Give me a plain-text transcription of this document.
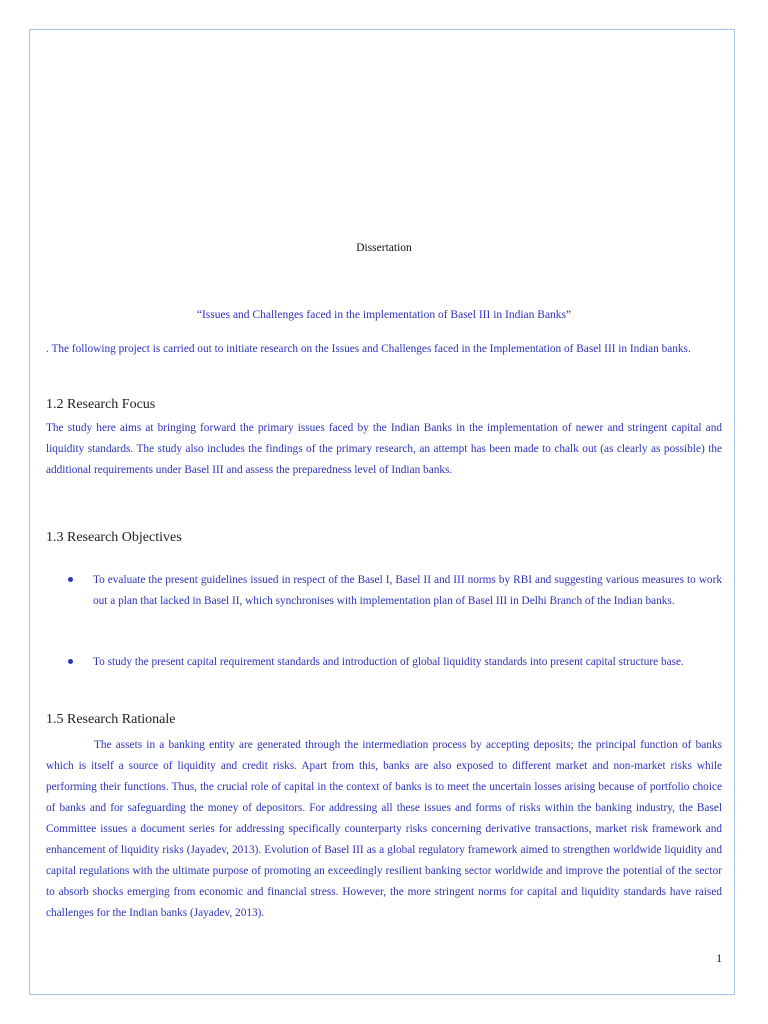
Dissertation
“Issues and Challenges faced in the implementation of Basel III in Indian Banks”
. The following project is carried out to initiate research on the Issues and Challenges faced in the Implementation of Basel III in Indian banks.
1.2 Research Focus
The study here aims at bringing forward the primary issues faced by the Indian Banks in the implementation of newer and stringent capital and liquidity standards. The study also includes the findings of the primary research, an attempt has been made to chalk out (as clearly as possible) the additional requirements under Basel III and assess the preparedness level of Indian banks.
1.3 Research Objectives
To evaluate the present guidelines issued in respect of the Basel I, Basel II and III norms by RBI and suggesting various measures to work out a plan that lacked in Basel II, which synchronises with implementation plan of Basel III in Delhi Branch of the Indian banks.
To study the present capital requirement standards and introduction of global liquidity standards into present capital structure base.
1.5 Research Rationale
The assets in a banking entity are generated through the intermediation process by accepting deposits; the principal function of banks which is itself a source of liquidity and credit risks. Apart from this, banks are also exposed to different market and non-market risks while performing their functions. Thus, the crucial role of capital in the context of banks is to meet the uncertain losses arising because of portfolio choice of banks and for safeguarding the money of depositors. For addressing all these issues and forms of risks within the banking industry, the Basel Committee issues a document series for addressing specifically counterparty risks concerning derivative transactions, market risk framework and enhancement of liquidity risks (Jayadev, 2013). Evolution of Basel III as a global regulatory framework aimed to strengthen worldwide liquidity and capital regulations with the ultimate purpose of promoting an exceedingly resilient banking sector worldwide and improve the potential of the sector to absorb shocks emerging from economic and financial stress. However, the more stringent norms for capital and liquidity standards have raised challenges for the Indian banks (Jayadev, 2013).
1
